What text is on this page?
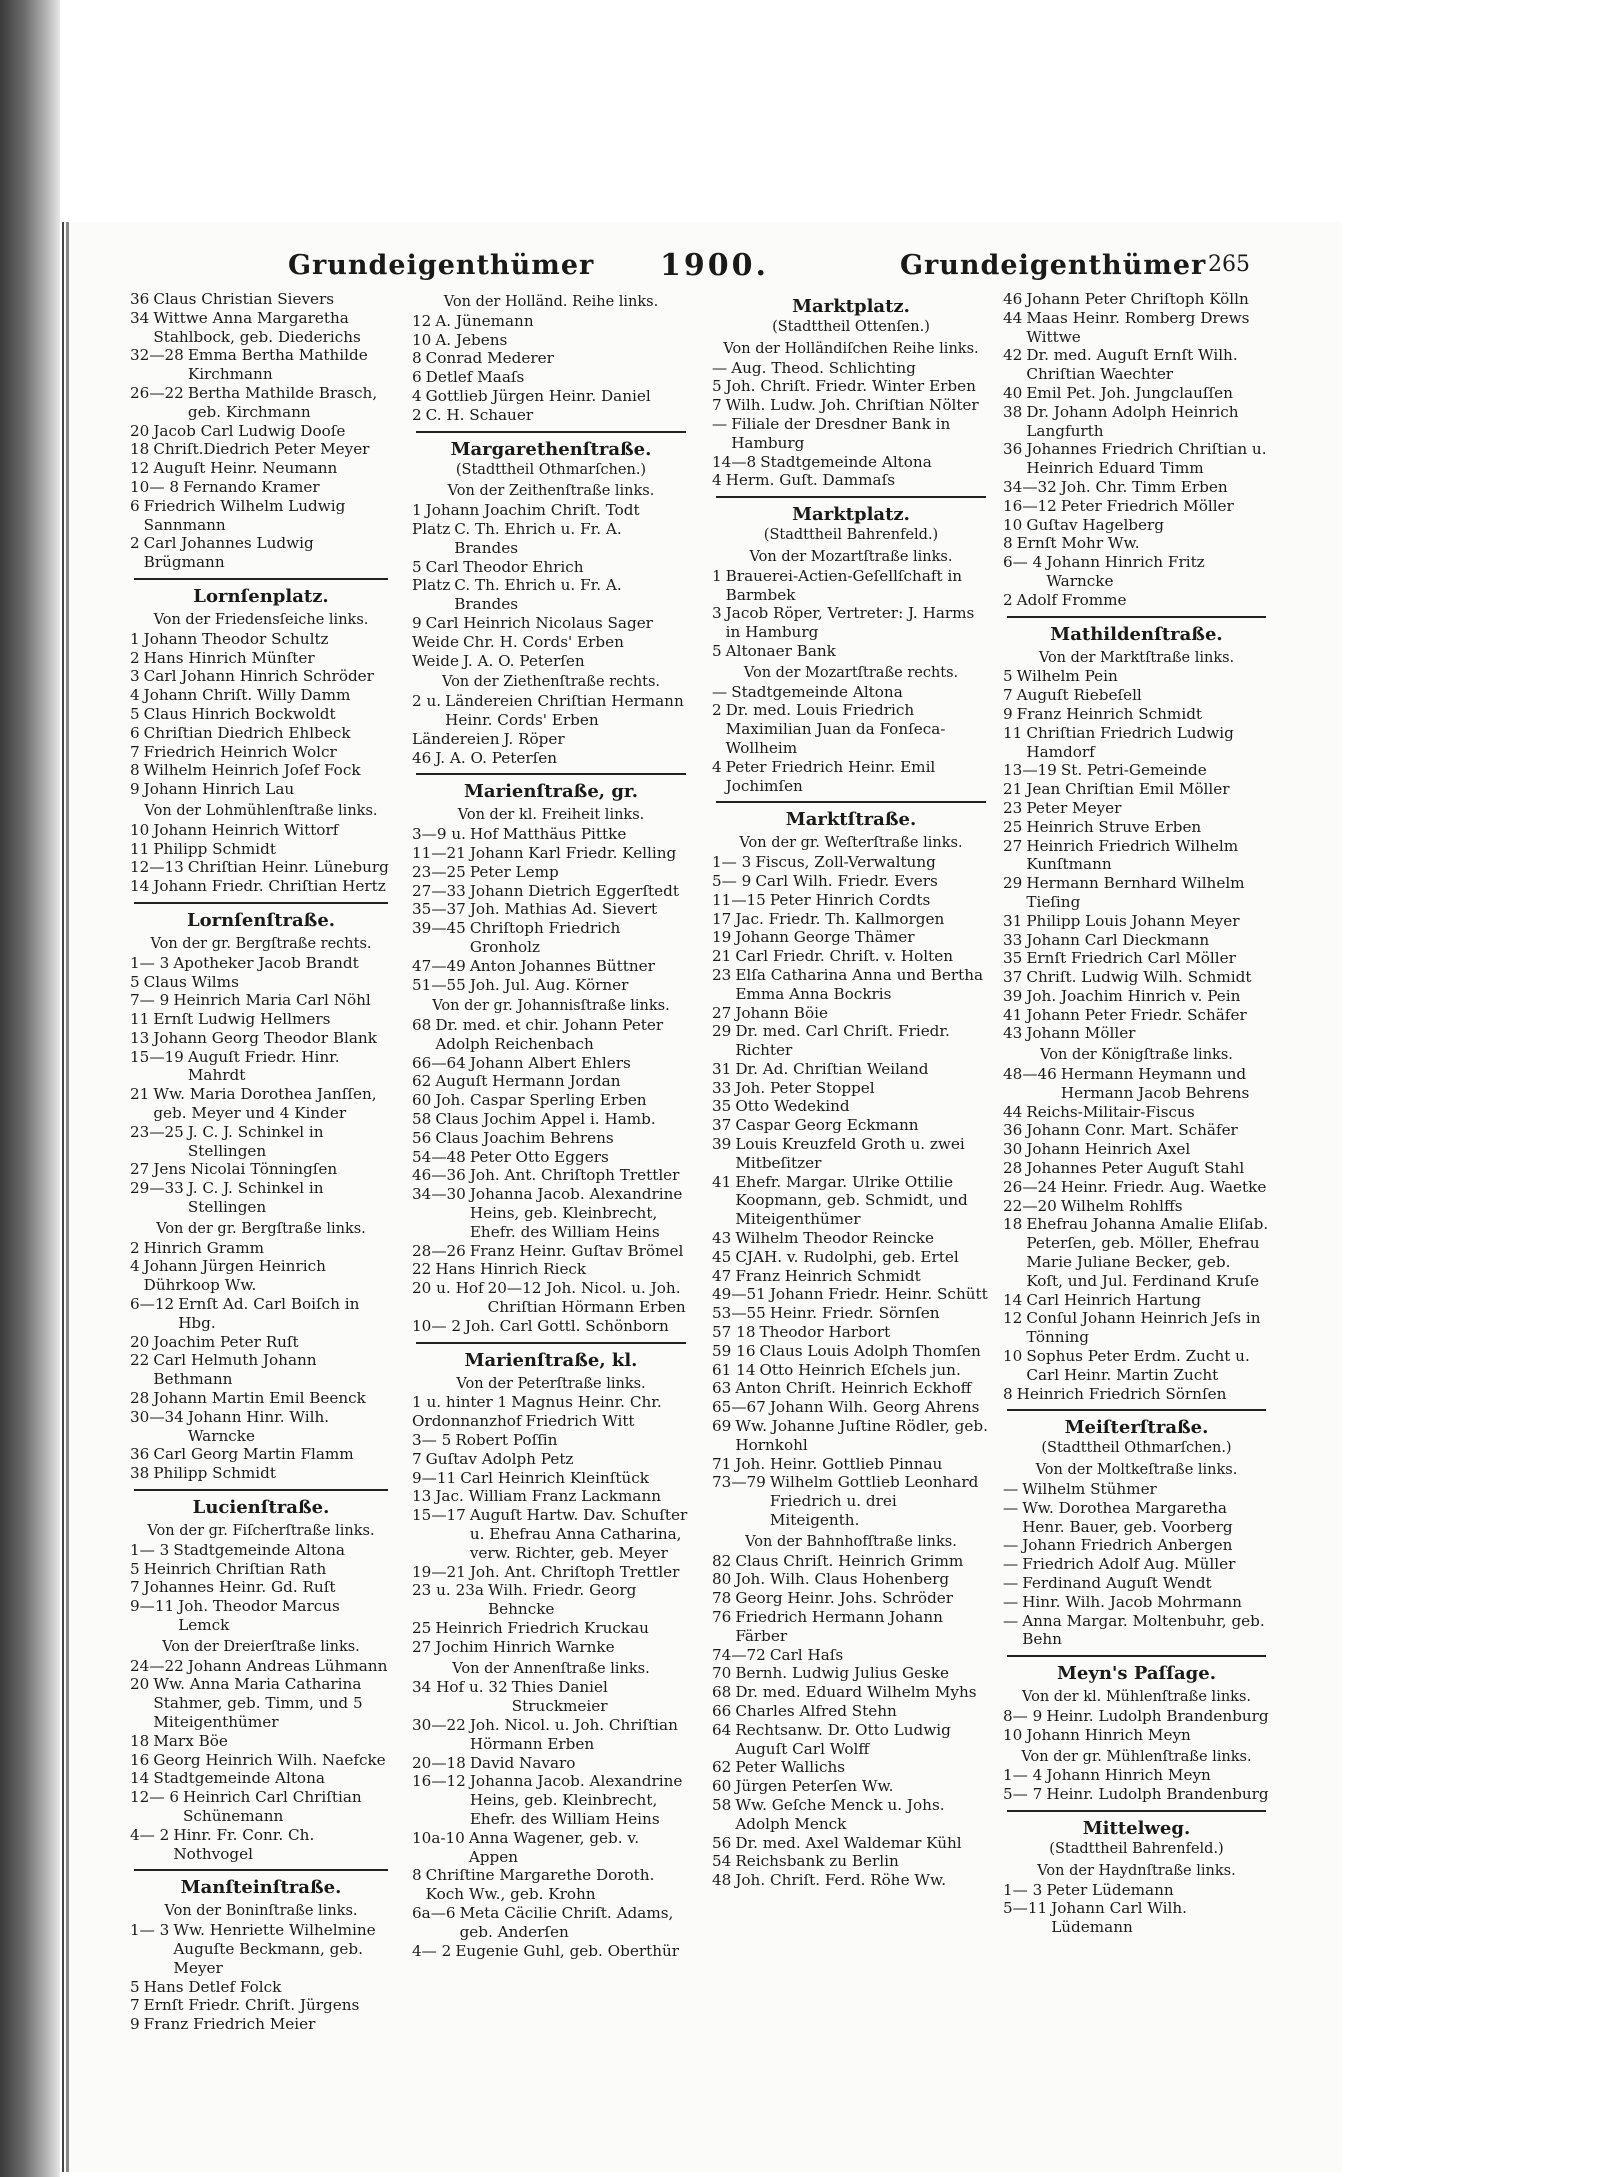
Grundeigenthümer 1900.	Grundeigenthümer 265
36 Claus Christian Sievers
34 Wittwe Anna Margaretha Stahlbock, geb. Diederichs
32—28 Emma Bertha Mathilde Kirchmann
26—22 Bertha Mathilde Brasch, geb. Kirchmann
20 Jacob Carl Ludwig Dooſe
18 Chriſt.Diedrich Peter Meyer
12 Auguſt Heinr. Neumann
10— 8 Fernando Kramer
6 Friedrich Wilhelm Ludwig Sannmann
2 Carl Johannes Ludwig Brügmann
Lornſenplatz.
Von der Friedensſeiche links.
1 Johann Theodor Schultz
2 Hans Hinrich Münſter
3 Carl Johann Hinrich Schröder
4 Johann Chriſt. Willy Damm
5 Claus Hinrich Bockwoldt
6 Chriſtian Diedrich Ehlbeck
7 Friedrich Heinrich Wolcr
8 Wilhelm Heinrich Joſef Fock
9 Johann Hinrich Lau
Von der Lohmühlenſtraße links.
10 Johann Heinrich Wittorf
11 Philipp Schmidt
12—13 Chriſtian Heinr. Lüneburg
14 Johann Friedr. Chriſtian Hertz
Lornſenſtraße.
Von der gr. Bergſtraße rechts.
1— 3 Apotheker Jacob Brandt
5 Claus Wilms
7— 9 Heinrich Maria Carl Nöhl
11 Ernſt Ludwig Hellmers
13 Johann Georg Theodor Blank
15—19 Auguſt Friedr. Hinr. Mahrdt
21 Ww. Maria Dorothea Janſſen, geb. Meyer und 4 Kinder
23—25 J. C. J. Schinkel in Stellingen
27 Jens Nicolai Tönningſen
29—33 J. C. J. Schinkel in Stellingen
Von der gr. Bergſtraße links.
2 Hinrich Gramm
4 Johann Jürgen Heinrich Dührkoop Ww.
6—12 Ernſt Ad. Carl Boiſch in Hbg.
20 Joachim Peter Ruſt
22 Carl Helmuth Johann Bethmann
28 Johann Martin Emil Beenck
30—34 Johann Hinr. Wilh. Warncke
36 Carl Georg Martin Flamm
38 Philipp Schmidt
Lucienſtraße.
Von der gr. Fiſcherſtraße links.
1— 3 Stadtgemeinde Altona
5 Heinrich Chriſtian Rath
7 Johannes Heinr. Gd. Ruſt
9—11 Joh. Theodor Marcus Lemck
Von der Dreierſtraße links.
24—22 Johann Andreas Lühmann
20 Ww. Anna Maria Catharina Stahmer, geb. Timm, und 5 Miteigenthümer
18 Marx Böe
16 Georg Heinrich Wilh. Naefcke
14 Stadtgemeinde Altona
12— 6 Heinrich Carl Chriſtian Schünemann
4— 2 Hinr. Fr. Conr. Ch. Nothvogel
Manſteinſtraße.
Von der Boninſtraße links.
1— 3 Ww. Henriette Wilhelmine Auguſte Beckmann, geb. Meyer
5 Hans Detlef Folck
7 Ernſt Friedr. Chriſt. Jürgens
9 Franz Friedrich Meier
Von der Holländ. Reihe links.
12 A. Jünemann
10 A. Jebens
8 Conrad Mederer
6 Detlef Maaſs
4 Gottlieb Jürgen Heinr. Daniel
2 C. H. Schauer
Margarethenſtraße.
(Stadttheil Othmarſchen.)
Von der Zeithenſtraße links.
1 Johann Joachim Chriſt. Todt
Platz C. Th. Ehrich u. Fr. A. Brandes
5 Carl Theodor Ehrich
Platz C. Th. Ehrich u. Fr. A. Brandes
9 Carl Heinrich Nicolaus Sager
Weide Chr. H. Cords' Erben
Weide J. A. O. Peterſen
Von der Ziethenſtraße rechts.
2 u. Ländereien Chriſtian Hermann Heinr. Cords' Erben
Ländereien J. Röper
46 J. A. O. Peterſen
Marienſtraße, gr.
Von der kl. Freiheit links.
3—9 u. Hof Matthäus Pittke
11—21 Johann Karl Friedr. Kelling
23—25 Peter Lemp
27—33 Johann Dietrich Eggerſtedt
35—37 Joh. Mathias Ad. Sievert
39—45 Chriſtoph Friedrich Gronholz
47—49 Anton Johannes Büttner
51—55 Joh. Jul. Aug. Körner
Von der gr. Johannisſtraße links.
68 Dr. med. et chir. Johann Peter Adolph Reichenbach
66—64 Johann Albert Ehlers
62 Auguſt Hermann Jordan
60 Joh. Caspar Sperling Erben
58 Claus Jochim Appel i. Hamb.
56 Claus Joachim Behrens
54—48 Peter Otto Eggers
46—36 Joh. Ant. Chriſtoph Trettler
34—30 Johanna Jacob. Alexandrine Heins, geb. Kleinbrecht, Ehefr. des William Heins
28—26 Franz Heinr. Guſtav Brömel
22 Hans Hinrich Rieck
20 u. Hof 20—12 Joh. Nicol. u. Joh. Chriſtian Hörmann Erben
10— 2 Joh. Carl Gottl. Schönborn
Marienſtraße, kl.
Von der Peterſtraße links.
1 u. hinter 1 Magnus Heinr. Chr.
Ordonnanzhof Friedrich Witt
3— 5 Robert Poſſin
7 Guſtav Adolph Petz
9—11 Carl Heinrich Kleinſtück
13 Jac. William Franz Lackmann
15—17 Auguſt Hartw. Dav. Schuſter u. Ehefrau Anna Catharina, verw. Richter, geb. Meyer
19—21 Joh. Ant. Chriſtoph Trettler
23 u. 23a Wilh. Friedr. Georg Behncke
25 Heinrich Friedrich Kruckau
27 Jochim Hinrich Warnke
Von der Annenſtraße links.
34 Hof u. 32 Thies Daniel Struckmeier
30—22 Joh. Nicol. u. Joh. Chriſtian Hörmann Erben
20—18 David Navaro
16—12 Johanna Jacob. Alexandrine Heins, geb. Kleinbrecht, Ehefr. des William Heins
10a-10 Anna Wagener, geb. v. Appen
8 Chriſtine Margarethe Doroth. Koch Ww., geb. Krohn
6a—6 Meta Cäcilie Chriſt. Adams, geb. Anderſen
4— 2 Eugenie Guhl, geb. Oberthür
Marktplatz.
(Stadttheil Ottenſen.)
Von der Holländiſchen Reihe links.
— Aug. Theod. Schlichting
5 Joh. Chriſt. Friedr. Winter Erben
7 Wilh. Ludw. Joh. Chriſtian Nölter
— Filiale der Dresdner Bank in Hamburg
14—8 Stadtgemeinde Altona
4 Herm. Guſt. Dammaſs
Marktplatz.
(Stadttheil Bahrenfeld.)
Von der Mozartſtraße links.
1 Brauerei-Actien-Geſellſchaft in Barmbek
3 Jacob Röper, Vertreter: J. Harms in Hamburg
5 Altonaer Bank
Von der Mozartſtraße rechts.
— Stadtgemeinde Altona
2 Dr. med. Louis Friedrich Maximilian Juan da Fonſeca-Wollheim
4 Peter Friedrich Heinr. Emil Jochimſen
Marktſtraße.
Von der gr. Weſterſtraße links.
1— 3 Fiscus, Zoll-Verwaltung
5— 9 Carl Wilh. Friedr. Evers
11—15 Peter Hinrich Cordts
17 Jac. Friedr. Th. Kallmorgen
19 Johann George Thämer
21 Carl Friedr. Chriſt. v. Holten
23 Elſa Catharina Anna und Bertha Emma Anna Bockris
27 Johann Böie
29 Dr. med. Carl Chriſt. Friedr. Richter
31 Dr. Ad. Chriſtian Weiland
33 Joh. Peter Stoppel
35 Otto Wedekind
37 Caspar Georg Eckmann
39 Louis Kreuzfeld Groth u. zwei Mitbeſitzer
41 Ehefr. Margar. Ulrike Ottilie Koopmann, geb. Schmidt, und Miteigenthümer
43 Wilhelm Theodor Reincke
45 CJAH. v. Rudolphi, geb. Ertel
47 Franz Heinrich Schmidt
49—51 Johann Friedr. Heinr. Schütt
53—55 Heinr. Friedr. Sörnſen
57 18 Theodor Harbort
59 16 Claus Louis Adolph Thomſen
61 14 Otto Heinrich Eſchels jun.
63 Anton Chriſt. Heinrich Eckhoff
65—67 Johann Wilh. Georg Ahrens
69 Ww. Johanne Juſtine Rödler, geb. Hornkohl
71 Joh. Heinr. Gottlieb Pinnau
73—79 Wilhelm Gottlieb Leonhard Friedrich u. drei Miteigenth.
Von der Bahnhofſtraße links.
82 Claus Chriſt. Heinrich Grimm
80 Joh. Wilh. Claus Hohenberg
78 Georg Heinr. Johs. Schröder
76 Friedrich Hermann Johann Färber
74—72 Carl Haſs
70 Bernh. Ludwig Julius Geske
68 Dr. med. Eduard Wilhelm Myhs
66 Charles Alfred Stehn
64 Rechtsanw. Dr. Otto Ludwig Auguſt Carl Wolff
62 Peter Wallichs
60 Jürgen Peterſen Ww.
58 Ww. Geſche Menck u. Johs. Adolph Menck
56 Dr. med. Axel Waldemar Kühl
54 Reichsbank zu Berlin
48 Joh. Chriſt. Ferd. Röhe Ww.
46 Johann Peter Chriſtoph Kölln
44 Maas Heinr. Romberg Drews Wittwe
42 Dr. med. Auguſt Ernſt Wilh. Chriſtian Waechter
40 Emil Pet. Joh. Jungclauſſen
38 Dr. Johann Adolph Heinrich Langfurth
36 Johannes Friedrich Chriſtian u. Heinrich Eduard Timm
34—32 Joh. Chr. Timm Erben
16—12 Peter Friedrich Möller
10 Guſtav Hagelberg
8 Ernſt Mohr Ww.
6— 4 Johann Hinrich Fritz Warncke
2 Adolf Fromme
Mathildenſtraße.
Von der Marktſtraße links.
5 Wilhelm Pein
7 Auguſt Riebeſell
9 Franz Heinrich Schmidt
11 Chriſtian Friedrich Ludwig Hamdorf
13—19 St. Petri-Gemeinde
21 Jean Chriſtian Emil Möller
23 Peter Meyer
25 Heinrich Struve Erben
27 Heinrich Friedrich Wilhelm Kunſtmann
29 Hermann Bernhard Wilhelm Tieſing
31 Philipp Louis Johann Meyer
33 Johann Carl Dieckmann
35 Ernſt Friedrich Carl Möller
37 Chriſt. Ludwig Wilh. Schmidt
39 Joh. Joachim Hinrich v. Pein
41 Johann Peter Friedr. Schäfer
43 Johann Möller
Von der Königſtraße links.
48—46 Hermann Heymann und Hermann Jacob Behrens
44 Reichs-Militair-Fiscus
36 Johann Conr. Mart. Schäfer
30 Johann Heinrich Axel
28 Johannes Peter Auguſt Stahl
26—24 Heinr. Friedr. Aug. Waetke
22—20 Wilhelm Rohlffs
18 Ehefrau Johanna Amalie Eliſab. Peterſen, geb. Möller, Ehefrau Marie Juliane Becker, geb. Koſt, und Jul. Ferdinand Kruſe
14 Carl Heinrich Hartung
12 Conſul Johann Heinrich Jeſs in Tönning
10 Sophus Peter Erdm. Zucht u. Carl Heinr. Martin Zucht
8 Heinrich Friedrich Sörnſen
Meiſterſtraße.
(Stadttheil Othmarſchen.)
Von der Moltkeſtraße links.
— Wilhelm Stühmer
— Ww. Dorothea Margaretha Henr. Bauer, geb. Voorberg
— Johann Friedrich Anbergen
— Friedrich Adolf Aug. Müller
— Ferdinand Auguſt Wendt
— Hinr. Wilh. Jacob Mohrmann
— Anna Margar. Moltenbuhr, geb. Behn
Meyn's Paſſage.
Von der kl. Mühlenſtraße links.
8— 9 Heinr. Ludolph Brandenburg
10 Johann Hinrich Meyn
Von der gr. Mühlenſtraße links.
1— 4 Johann Hinrich Meyn
5— 7 Heinr. Ludolph Brandenburg
Mittelweg.
(Stadttheil Bahrenfeld.)
Von der Haydnſtraße links.
1— 3 Peter Lüdemann
5—11 Johann Carl Wilh. Lüdemann
